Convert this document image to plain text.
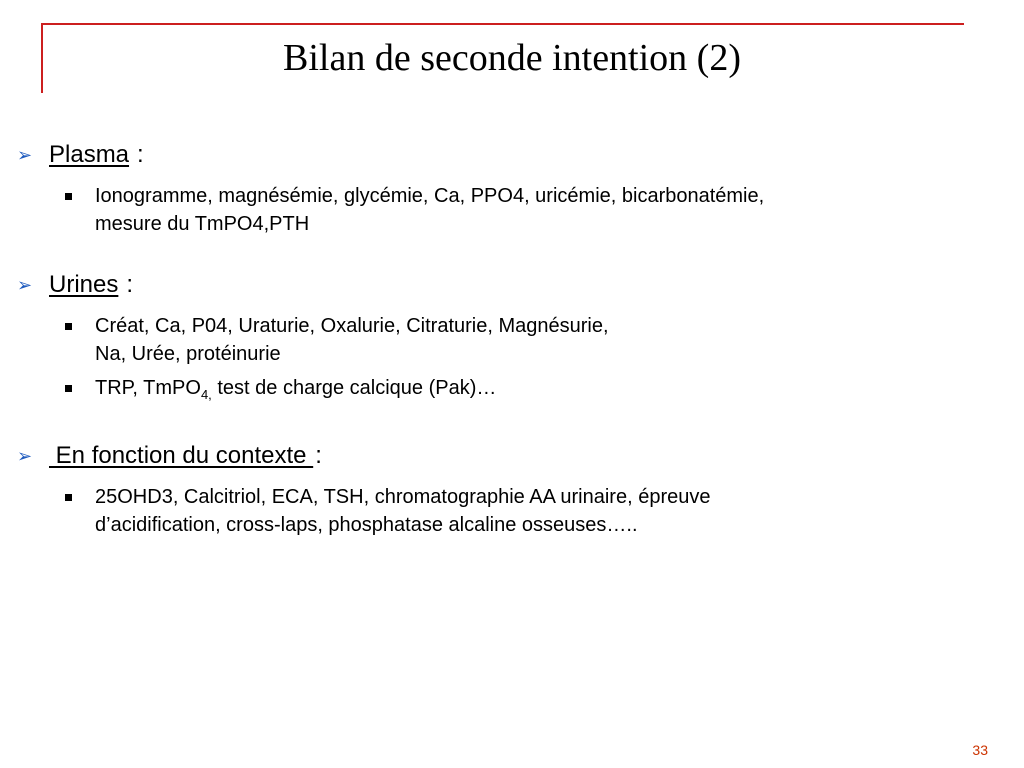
Bilan de seconde intention (2)
➢ Plasma :
Ionogramme, magnésémie, glycémie, Ca, PPO4, uricémie, bicarbonatémie,
mesure du TmPO4,PTH
➢ Urines :
Créat, Ca, P04, Uraturie, Oxalurie, Citraturie, Magnésurie,
Na, Urée, protéinurie
TRP, TmPO$_{4,}$ test de charge calcique (Pak)…
➢ En fonction du contexte :
25OHD3, Calcitriol, ECA, TSH, chromatographie AA urinaire, épreuve
d’acidification, cross-laps, phosphatase alcaline osseuses…..
33
